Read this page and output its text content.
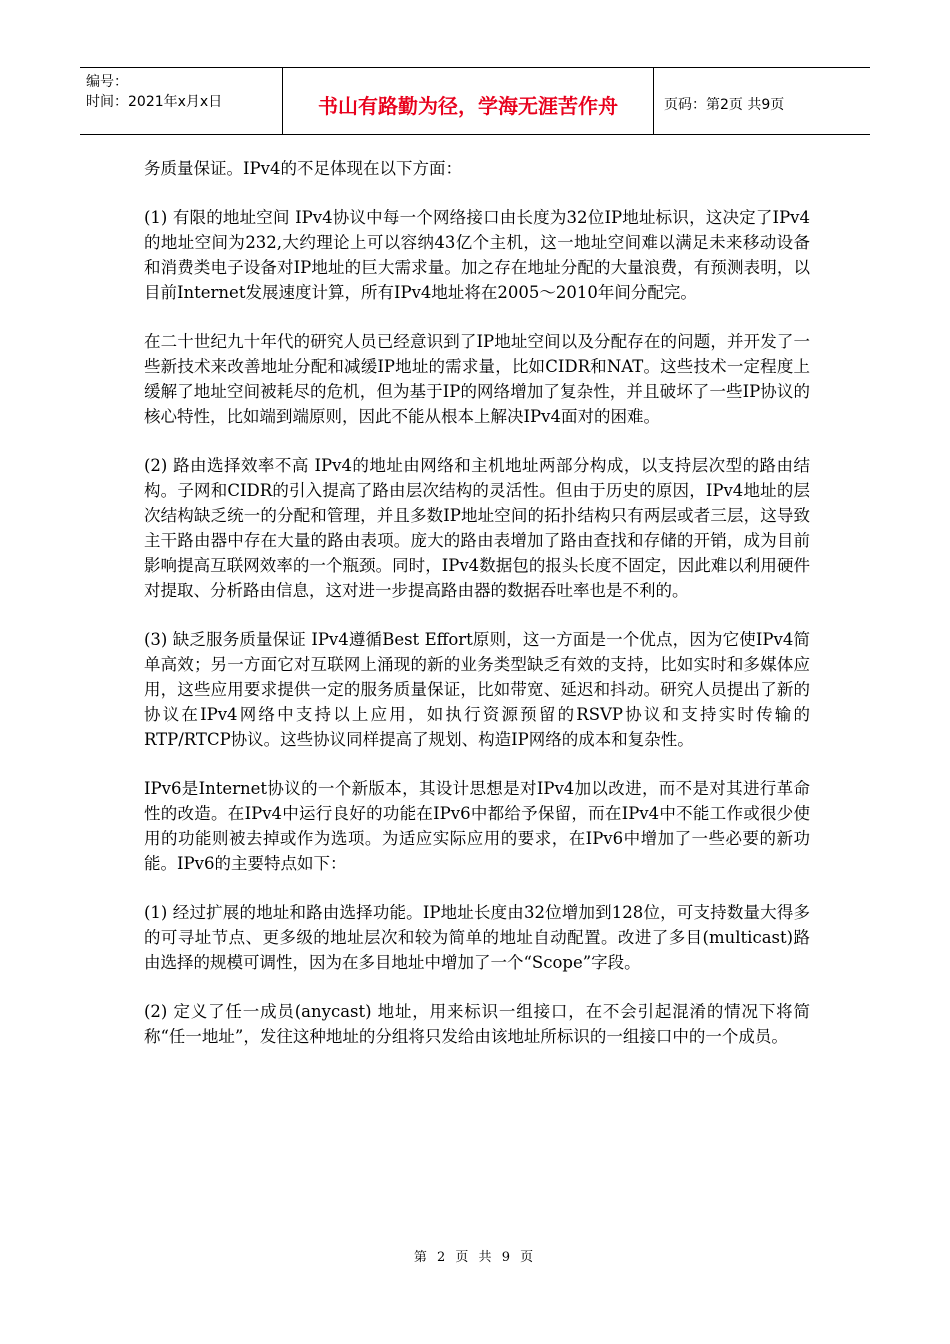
编号：
时间：2021年x月x日	书山有路勤为径，学海无涯苦作舟	页码：第2页 共9页

务质量保证。IPv4的不足体现在以下方面：

(1) 有限的地址空间 IPv4协议中每一个网络接口由长度为32位IP地址标识，这决定了IPv4的地址空间为232,大约理论上可以容纳43亿个主机，这一地址空间难以满足未来移动设备和消费类电子设备对IP地址的巨大需求量。加之存在地址分配的大量浪费，有预测表明，以目前Internet发展速度计算，所有IPv4地址将在2005～2010年间分配完。

在二十世纪九十年代的研究人员已经意识到了IP地址空间以及分配存在的问题，并开发了一些新技术来改善地址分配和减缓IP地址的需求量，比如CIDR和NAT。这些技术一定程度上缓解了地址空间被耗尽的危机，但为基于IP的网络增加了复杂性，并且破坏了一些IP协议的核心特性，比如端到端原则，因此不能从根本上解决IPv4面对的困难。

(2) 路由选择效率不高 IPv4的地址由网络和主机地址两部分构成，以支持层次型的路由结构。子网和CIDR的引入提高了路由层次结构的灵活性。但由于历史的原因，IPv4地址的层次结构缺乏统一的分配和管理，并且多数IP地址空间的拓扑结构只有两层或者三层，这导致主干路由器中存在大量的路由表项。庞大的路由表增加了路由查找和存储的开销，成为目前影响提高互联网效率的一个瓶颈。同时，IPv4数据包的报头长度不固定，因此难以利用硬件对提取、分析路由信息，这对进一步提高路由器的数据吞吐率也是不利的。

(3) 缺乏服务质量保证 IPv4遵循Best Effort原则，这一方面是一个优点，因为它使IPv4简单高效；另一方面它对互联网上涌现的新的业务类型缺乏有效的支持，比如实时和多媒体应用，这些应用要求提供一定的服务质量保证，比如带宽、延迟和抖动。研究人员提出了新的协议在IPv4网络中支持以上应用，如执行资源预留的RSVP协议和支持实时传输的RTP/RTCP协议。这些协议同样提高了规划、构造IP网络的成本和复杂性。

IPv6是Internet协议的一个新版本，其设计思想是对IPv4加以改进，而不是对其进行革命性的改造。在IPv4中运行良好的功能在IPv6中都给予保留，而在IPv4中不能工作或很少使用的功能则被去掉或作为选项。为适应实际应用的要求，在IPv6中增加了一些必要的新功能。IPv6的主要特点如下：

(1) 经过扩展的地址和路由选择功能。IP地址长度由32位增加到128位，可支持数量大得多的可寻址节点、更多级的地址层次和较为简单的地址自动配置。改进了多目(multicast)路由选择的规模可调性，因为在多目地址中增加了一个“Scope”字段。

(2) 定义了任一成员(anycast) 地址，用来标识一组接口，在不会引起混淆的情况下将简称“任一地址”，发往这种地址的分组将只发给由该地址所标识的一组接口中的一个成员。

第 2 页 共 9 页
